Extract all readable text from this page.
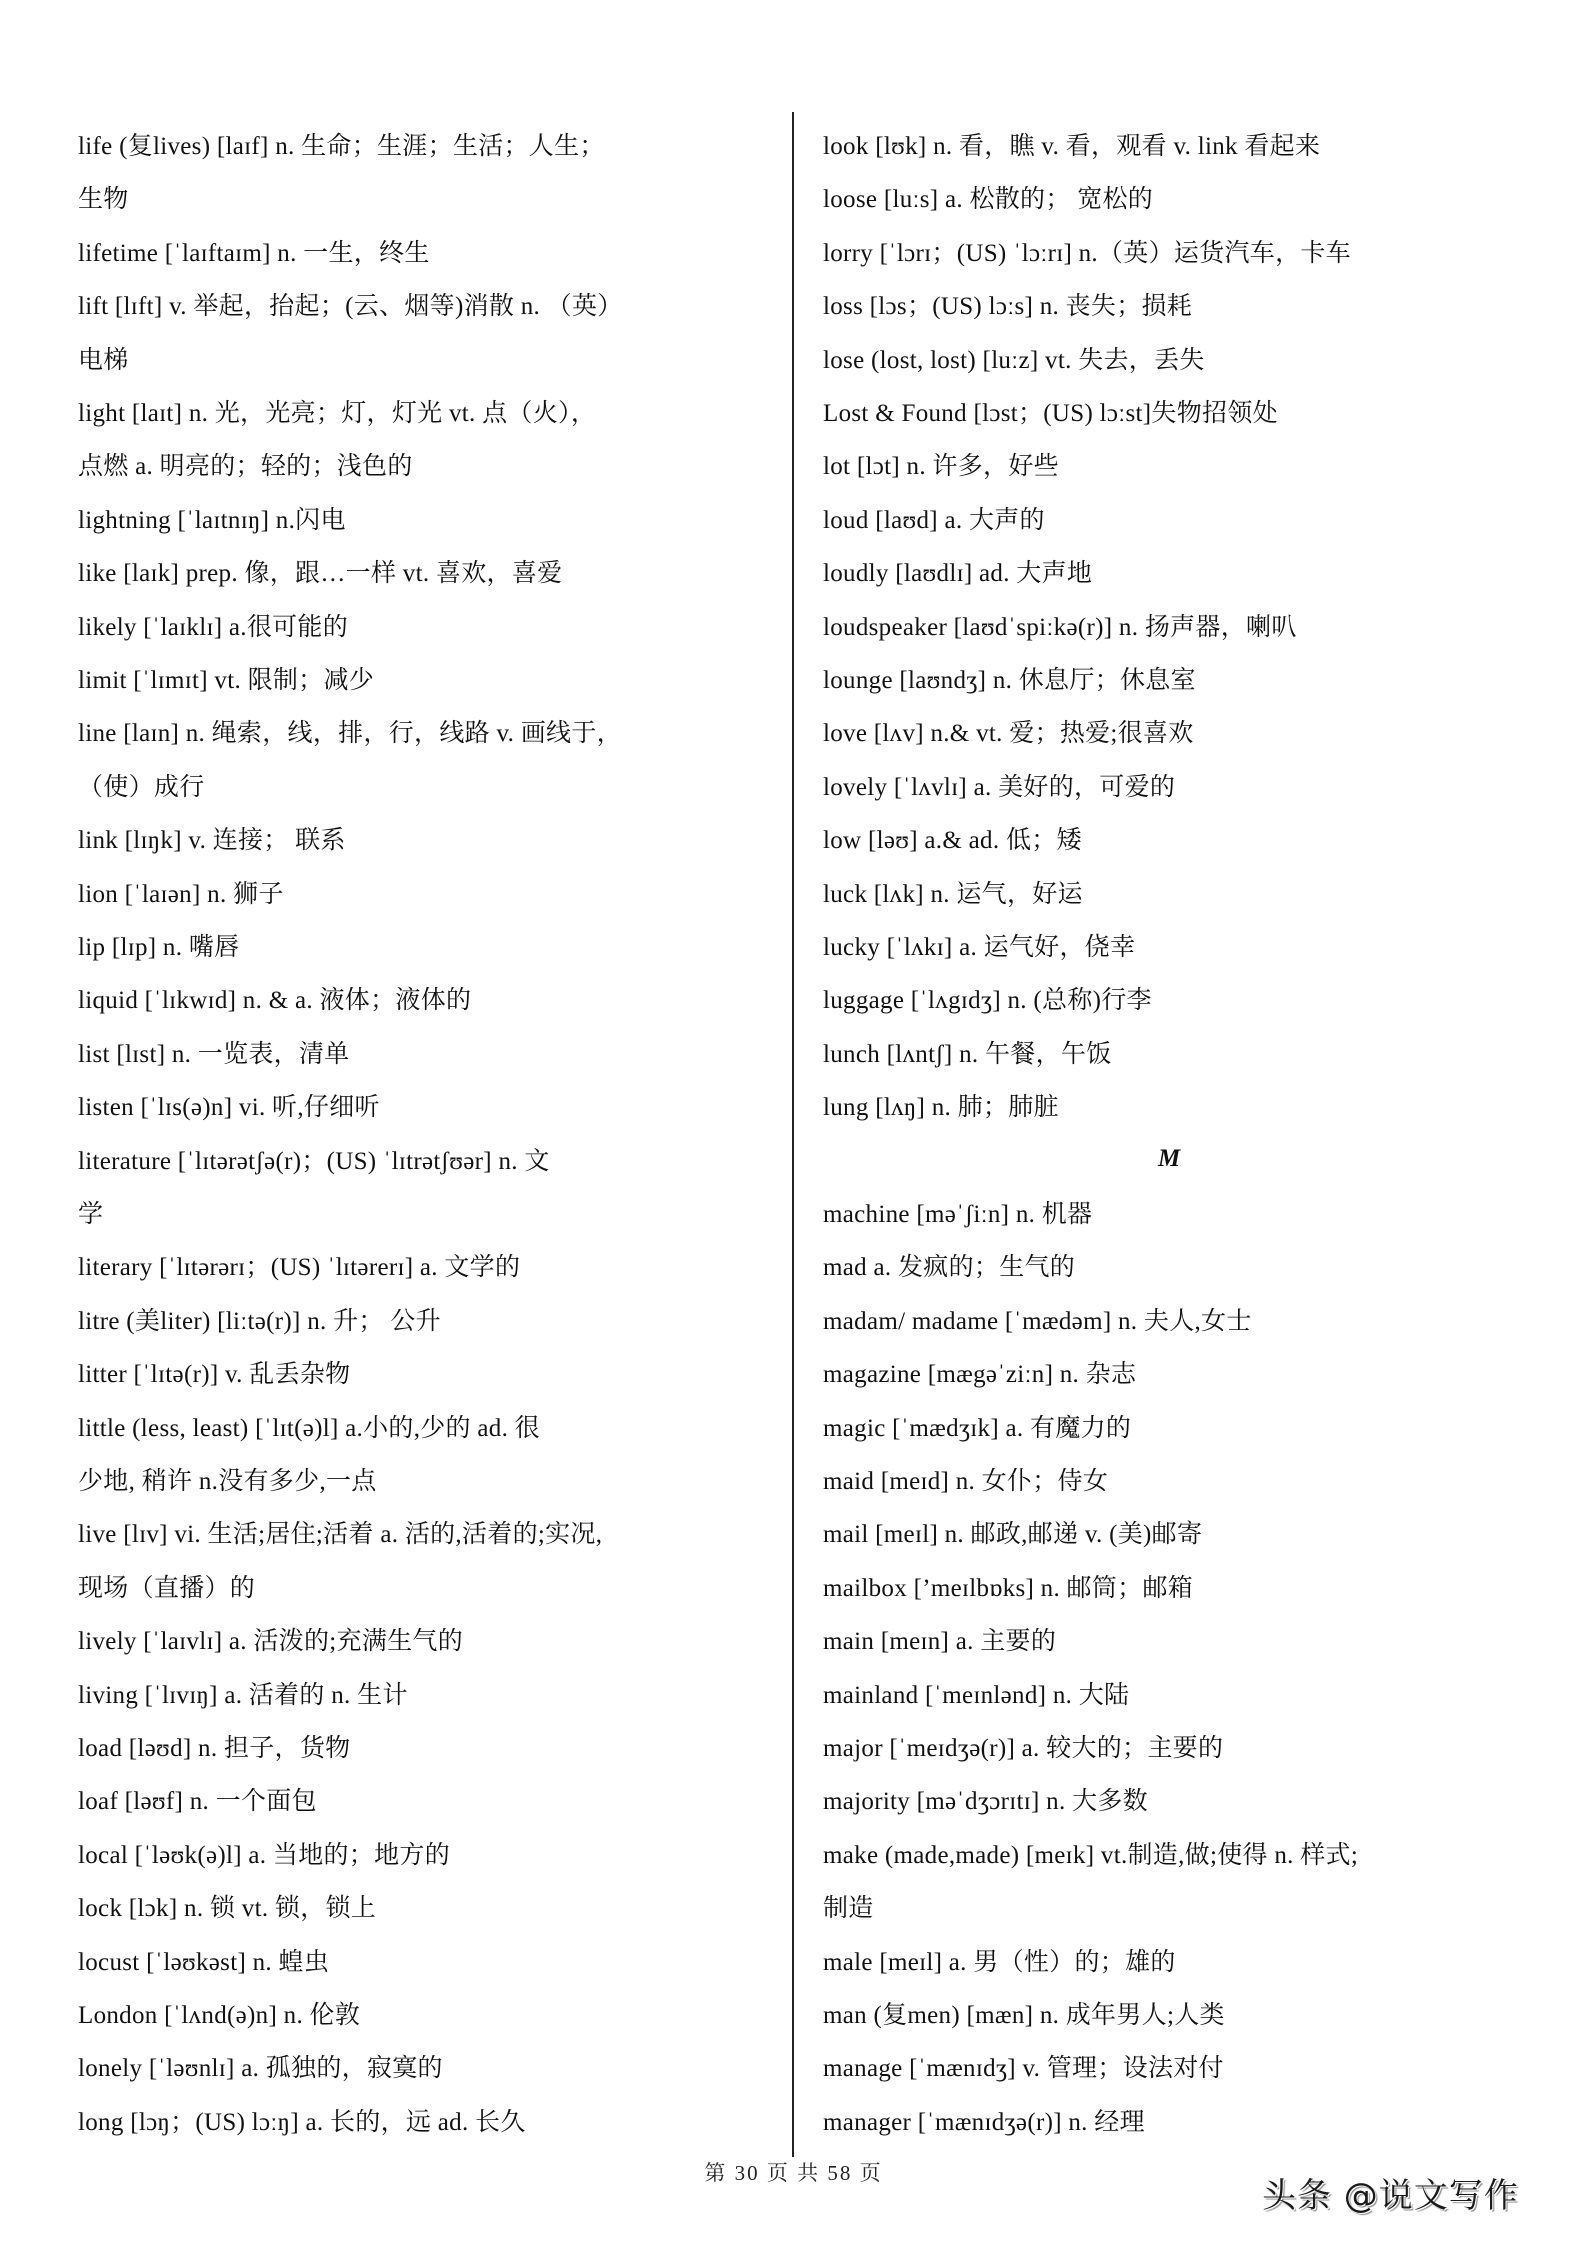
life (复lives) [laɪf] n. 生命；生涯；生活；人生；
生物
lifetime [ˈlaɪftaɪm] n. 一生，终生
lift [lɪft] v. 举起，抬起；(云、烟等)消散 n. （英）
电梯
light [laɪt] n. 光，光亮；灯，灯光 vt. 点（火），
点燃 a. 明亮的；轻的；浅色的
lightning [ˈlaɪtnɪŋ] n.闪电
like [laɪk] prep. 像，跟…一样 vt. 喜欢，喜爱
likely [ˈlaɪklɪ] a.很可能的
limit [ˈlɪmɪt] vt. 限制；减少
line [laɪn] n. 绳索，线，排，行，线路 v. 画线于，
（使）成行
link [lɪŋk] v. 连接； 联系
lion [ˈlaɪən] n. 狮子
lip [lɪp] n. 嘴唇
liquid [ˈlɪkwɪd] n. & a. 液体；液体的
list [lɪst] n. 一览表，清单
listen [ˈlɪs(ə)n] vi. 听,仔细听
literature [ˈlɪtərətʃə(r)；(US) ˈlɪtrətʃʊər] n. 文
学
literary [ˈlɪtərərɪ；(US) ˈlɪtərerɪ] a. 文学的
litre (美liter) [liːtə(r)] n. 升； 公升
litter [ˈlɪtə(r)] v. 乱丢杂物
little (less, least) [ˈlɪt(ə)l] a.小的,少的 ad. 很
少地, 稍许 n.没有多少,一点
live [lɪv] vi. 生活;居住;活着 a. 活的,活着的;实况,
现场（直播）的
lively [ˈlaɪvlɪ] a. 活泼的;充满生气的
living [ˈlɪvɪŋ] a. 活着的 n. 生计
load [ləʊd] n. 担子，货物
loaf [ləʊf] n. 一个面包
local [ˈləʊk(ə)l] a. 当地的；地方的
lock [lɔk] n. 锁 vt. 锁，锁上
locust [ˈləʊkəst] n. 蝗虫
London [ˈlʌnd(ə)n] n. 伦敦
lonely [ˈləʊnlɪ] a. 孤独的，寂寞的
long [lɔŋ；(US) lɔːŋ] a. 长的，远 ad. 长久
look [lʊk] n. 看，瞧 v. 看，观看 v. link 看起来
loose [luːs] a. 松散的； 宽松的
lorry [ˈlɔrɪ；(US) ˈlɔːrɪ] n.（英）运货汽车，卡车
loss [lɔs；(US) lɔːs] n. 丧失；损耗
lose (lost, lost) [luːz] vt. 失去，丢失
Lost & Found [lɔst；(US) lɔːst]失物招领处
lot [lɔt] n. 许多，好些
loud [laʊd] a. 大声的
loudly [laʊdlɪ] ad. 大声地
loudspeaker [laʊdˈspiːkə(r)] n. 扬声器，喇叭
lounge [laʊndʒ] n. 休息厅；休息室
love [lʌv] n.& vt. 爱；热爱;很喜欢
lovely [ˈlʌvlɪ] a. 美好的，可爱的
low [ləʊ] a.& ad. 低；矮
luck [lʌk] n. 运气，好运
lucky [ˈlʌkɪ] a. 运气好，侥幸
luggage [ˈlʌgɪdʒ] n. (总称)行李
lunch [lʌntʃ] n. 午餐，午饭
lung [lʌŋ] n. 肺；肺脏
M
machine [məˈʃiːn] n. 机器
mad a. 发疯的；生气的
madam/ madame [ˈmædəm] n. 夫人,女士
magazine [mægəˈziːn] n. 杂志
magic [ˈmædʒɪk] a. 有魔力的
maid [meɪd] n. 女仆；侍女
mail [meɪl] n. 邮政,邮递 v. (美)邮寄
mailbox [’meɪlbɒks] n. 邮筒；邮箱
main [meɪn] a. 主要的
mainland [ˈmeɪnlənd] n. 大陆
major [ˈmeɪdʒə(r)] a. 较大的；主要的
majority [məˈdʒɔrɪtɪ] n. 大多数
make (made,made) [meɪk] vt.制造,做;使得 n. 样式;
制造
male [meɪl] a. 男（性）的；雄的
man (复men) [mæn] n. 成年男人;人类
manage [ˈmænɪdʒ] v. 管理；设法对付
manager [ˈmænɪdʒə(r)] n. 经理
第 30 页 共 58 页
头条 @说文写作
